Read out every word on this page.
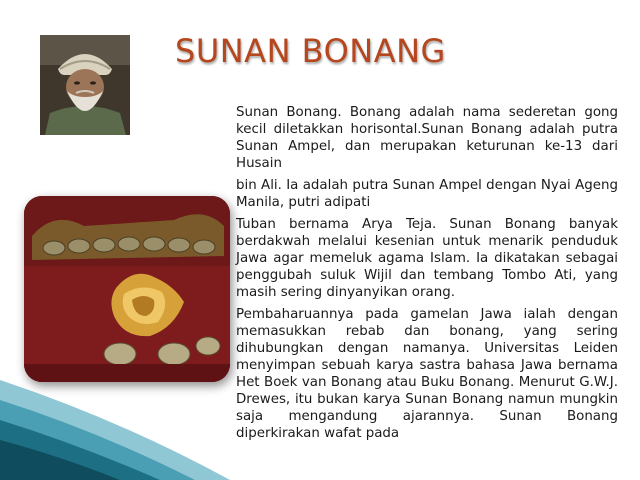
SUNAN BONANG

Sunan Bonang. Bonang adalah nama sederetan gong kecil diletakkan horisontal.Sunan Bonang adalah putra Sunan Ampel, dan merupakan keturunan ke-13 dari Husain

bin Ali. Ia adalah putra Sunan Ampel dengan Nyai Ageng Manila, putri adipati

Tuban bernama Arya Teja. Sunan Bonang banyak berdakwah melalui kesenian untuk menarik penduduk Jawa agar memeluk agama Islam. Ia dikatakan sebagai penggubah suluk Wijil dan tembang Tombo Ati, yang masih sering dinyanyikan orang.

Pembaharuannya pada gamelan Jawa ialah dengan memasukkan rebab dan bonang, yang sering dihubungkan dengan namanya. Universitas Leiden menyimpan sebuah karya sastra bahasa Jawa bernama Het Boek van Bonang atau Buku Bonang. Menurut G.W.J. Drewes, itu bukan karya Sunan Bonang namun mungkin saja mengandung ajarannya. Sunan Bonang diperkirakan wafat pada
